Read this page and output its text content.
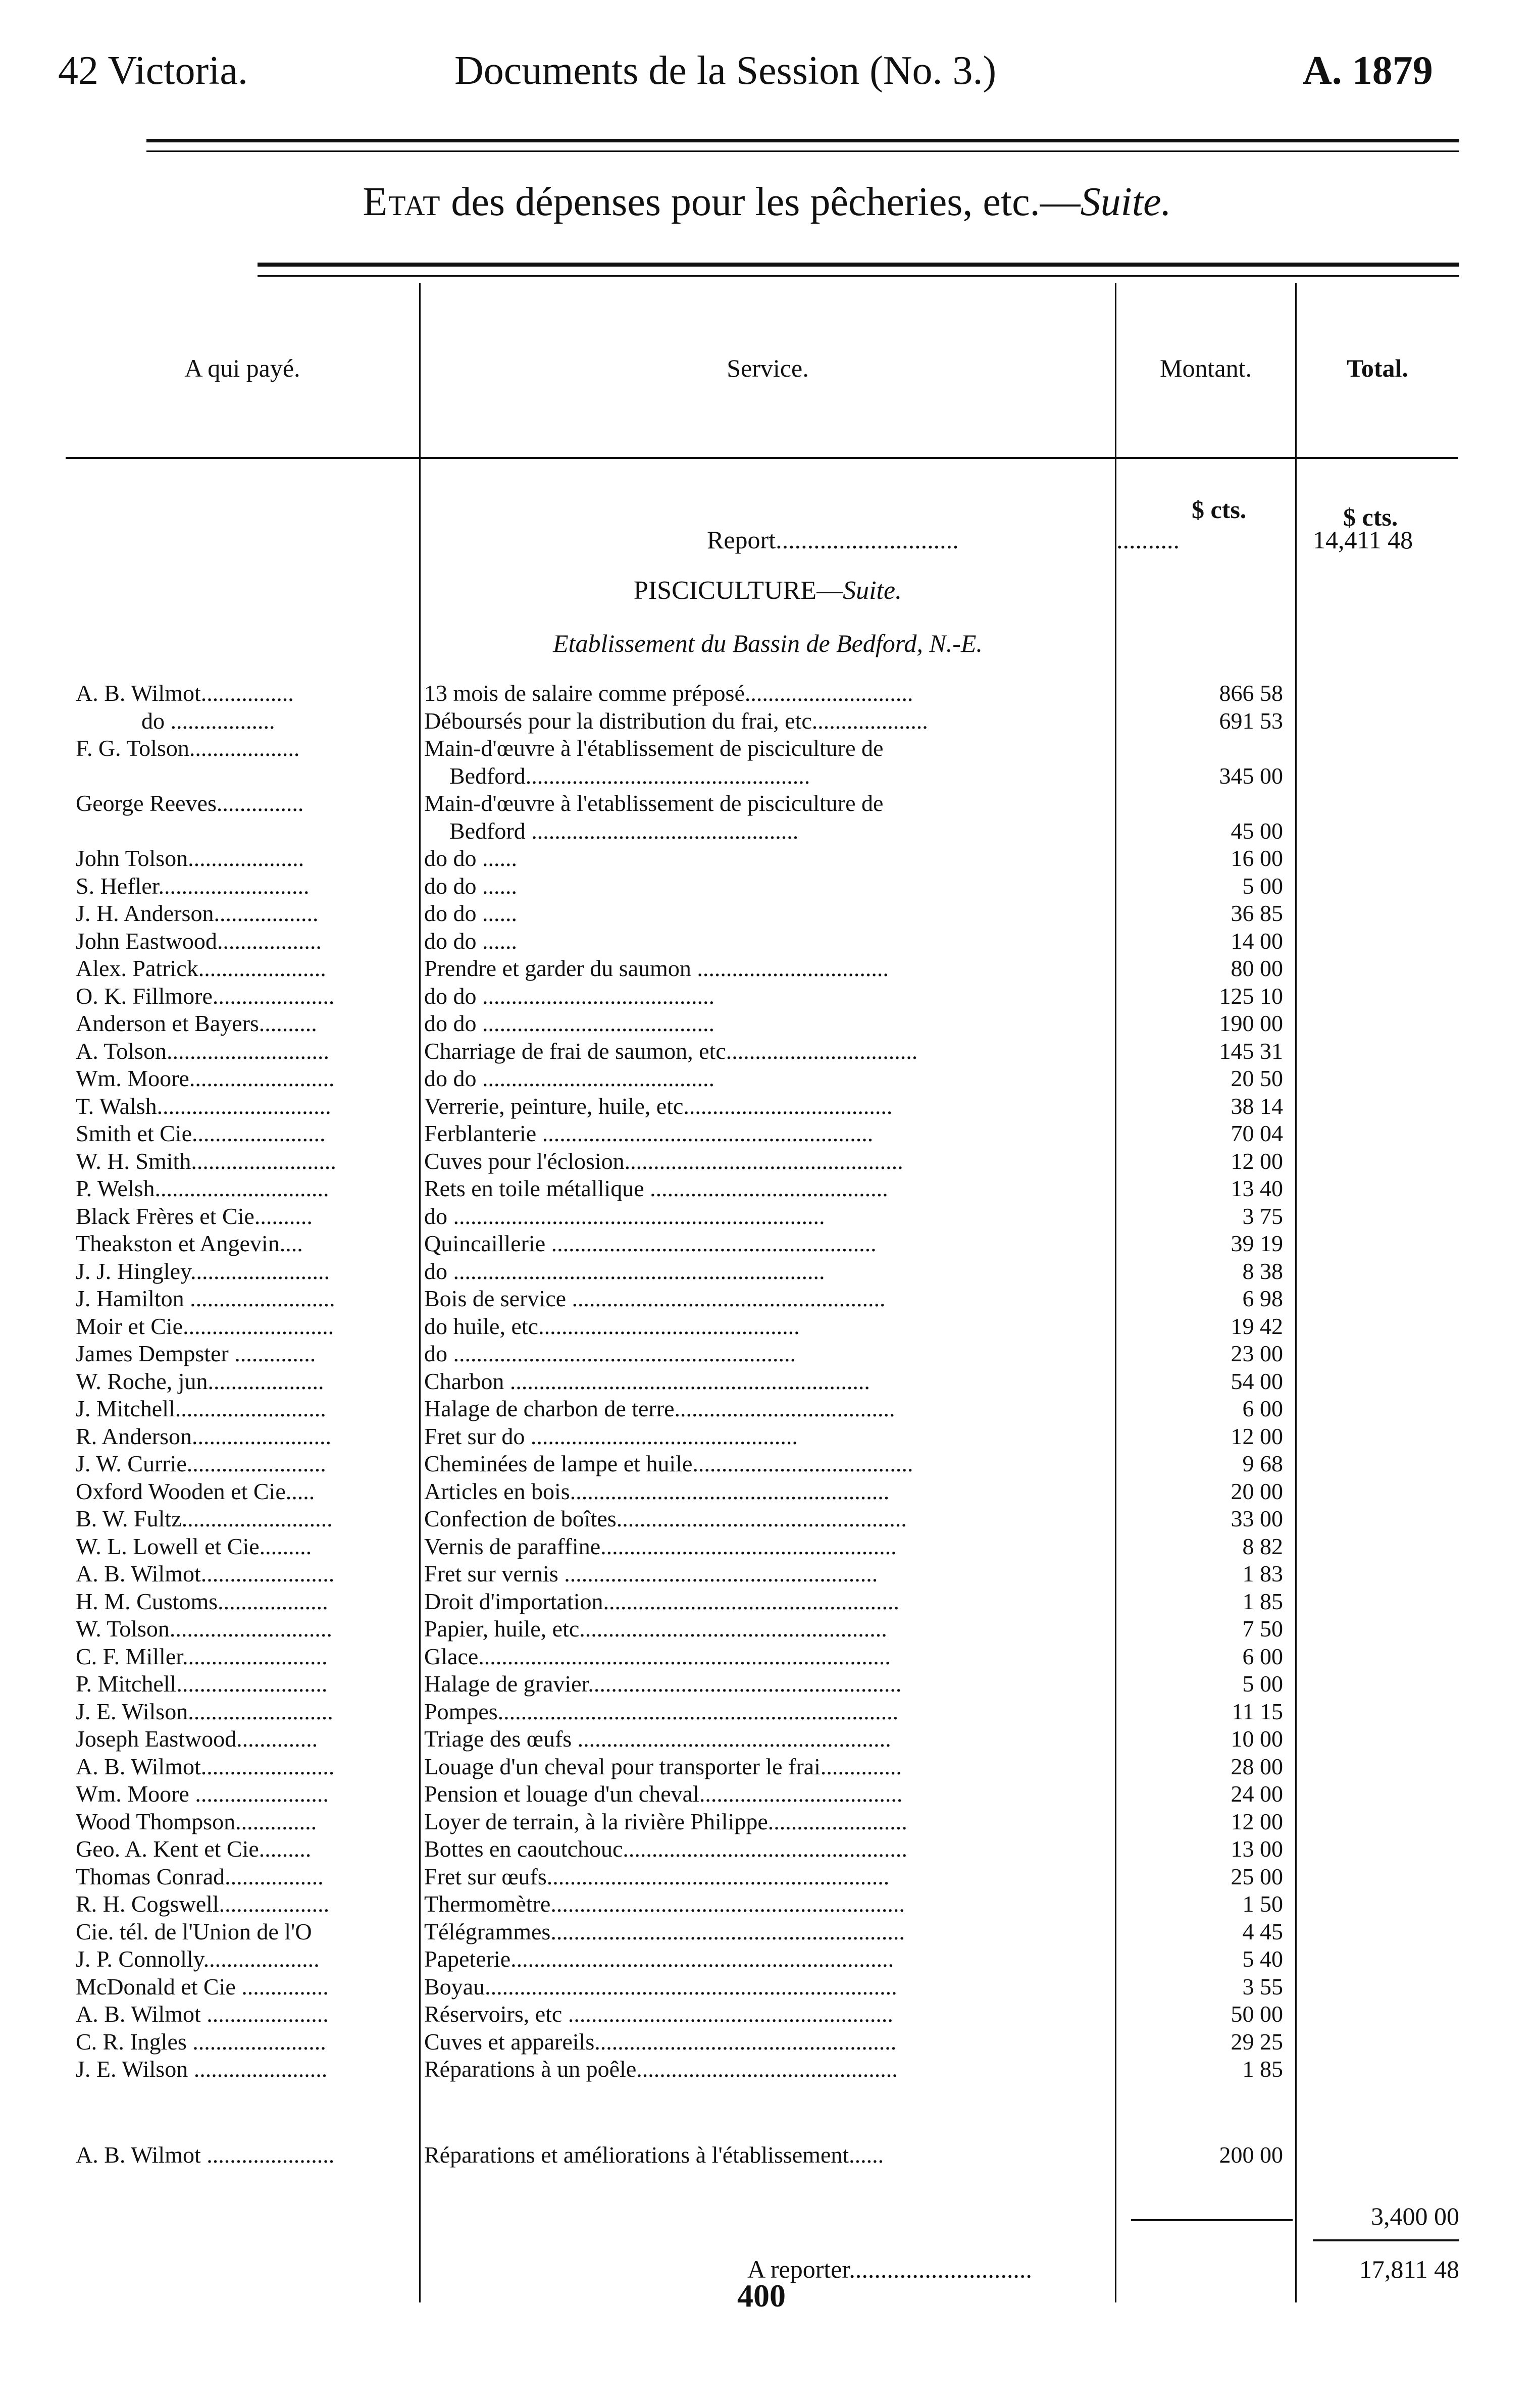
42 Victoria.	Documents de la Session (No. 3.)	A. 1879
Etat des dépenses pour les pêcheries, etc.—Suite.
A qui payé.	Service.	Montant.	Total.
$ cts.	$ cts.
Report.............................	..........	14,411 48
PISCICULTURE—Suite.
Etablissement du Bassin de Bedford, N.-E.
A. B. Wilmot................	13 mois de salaire comme préposé.............................	866 58
do ..................	Déboursés pour la distribution du frai, etc....................	691 53
F. G. Tolson...................	Main-d'œuvre à l'établissement de pisciculture de
Bedford.................................................	345 00
George Reeves...............	Main-d'œuvre à l'etablissement de pisciculture de
Bedford ..............................................	45 00
John Tolson....................	do do ......	16 00
S. Hefler..........................	do do ......	5 00
J. H. Anderson..................	do do ......	36 85
John Eastwood..................	do do ......	14 00
Alex. Patrick......................	Prendre et garder du saumon .................................	80 00
O. K. Fillmore.....................	do do ........................................	125 10
Anderson et Bayers..........	do do ........................................	190 00
A. Tolson............................	Charriage de frai de saumon, etc.................................	145 31
Wm. Moore.........................	do do ........................................	20 50
T. Walsh..............................	Verrerie, peinture, huile, etc....................................	38 14
Smith et Cie.......................	Ferblanterie .........................................................	70 04
W. H. Smith.........................	Cuves pour l'éclosion................................................	12 00
P. Welsh..............................	Rets en toile métallique .........................................	13 40
Black Frères et Cie..........	do ................................................................	3 75
Theakston et Angevin....	Quincaillerie ........................................................	39 19
J. J. Hingley........................	do ................................................................	8 38
J. Hamilton .........................	Bois de service ......................................................	6 98
Moir et Cie..........................	do huile, etc.............................................	19 42
James Dempster ..............	do ...........................................................	23 00
W. Roche, jun....................	Charbon ..............................................................	54 00
J. Mitchell..........................	Halage de charbon de terre......................................	6 00
R. Anderson........................	Fret sur do ..............................................	12 00
J. W. Currie........................	Cheminées de lampe et huile......................................	9 68
Oxford Wooden et Cie.....	Articles en bois.......................................................	20 00
B. W. Fultz..........................	Confection de boîtes..................................................	33 00
W. L. Lowell et Cie.........	Vernis de paraffine...................................................	8 82
A. B. Wilmot.......................	Fret sur vernis ......................................................	1 83
H. M. Customs...................	Droit d'importation...................................................	1 85
W. Tolson............................	Papier, huile, etc.....................................................	7 50
C. F. Miller.........................	Glace.......................................................................	6 00
P. Mitchell..........................	Halage de gravier......................................................	5 00
J. E. Wilson.........................	Pompes.....................................................................	11 15
Joseph Eastwood..............	Triage des œufs ......................................................	10 00
A. B. Wilmot.......................	Louage d'un cheval pour transporter le frai..............	28 00
Wm. Moore .......................	Pension et louage d'un cheval...................................	24 00
Wood Thompson..............	Loyer de terrain, à la rivière Philippe........................	12 00
Geo. A. Kent et Cie.........	Bottes en caoutchouc.................................................	13 00
Thomas Conrad.................	Fret sur œufs...........................................................	25 00
R. H. Cogswell...................	Thermomètre.............................................................	1 50
Cie. tél. de l'Union de l'O	Télégrammes.............................................................	4 45
J. P. Connolly....................	Papeterie..................................................................	5 40
McDonald et Cie ...............	Boyau.......................................................................	3 55
A. B. Wilmot .....................	Réservoirs, etc ........................................................	50 00
C. R. Ingles .......................	Cuves et appareils....................................................	29 25
J. E. Wilson .......................	Réparations à un poêle.............................................	1 85
A. B. Wilmot ......................	Réparations et améliorations à l'établissement......	200 00
3,400 00
A reporter.............................	17,811 48
400
